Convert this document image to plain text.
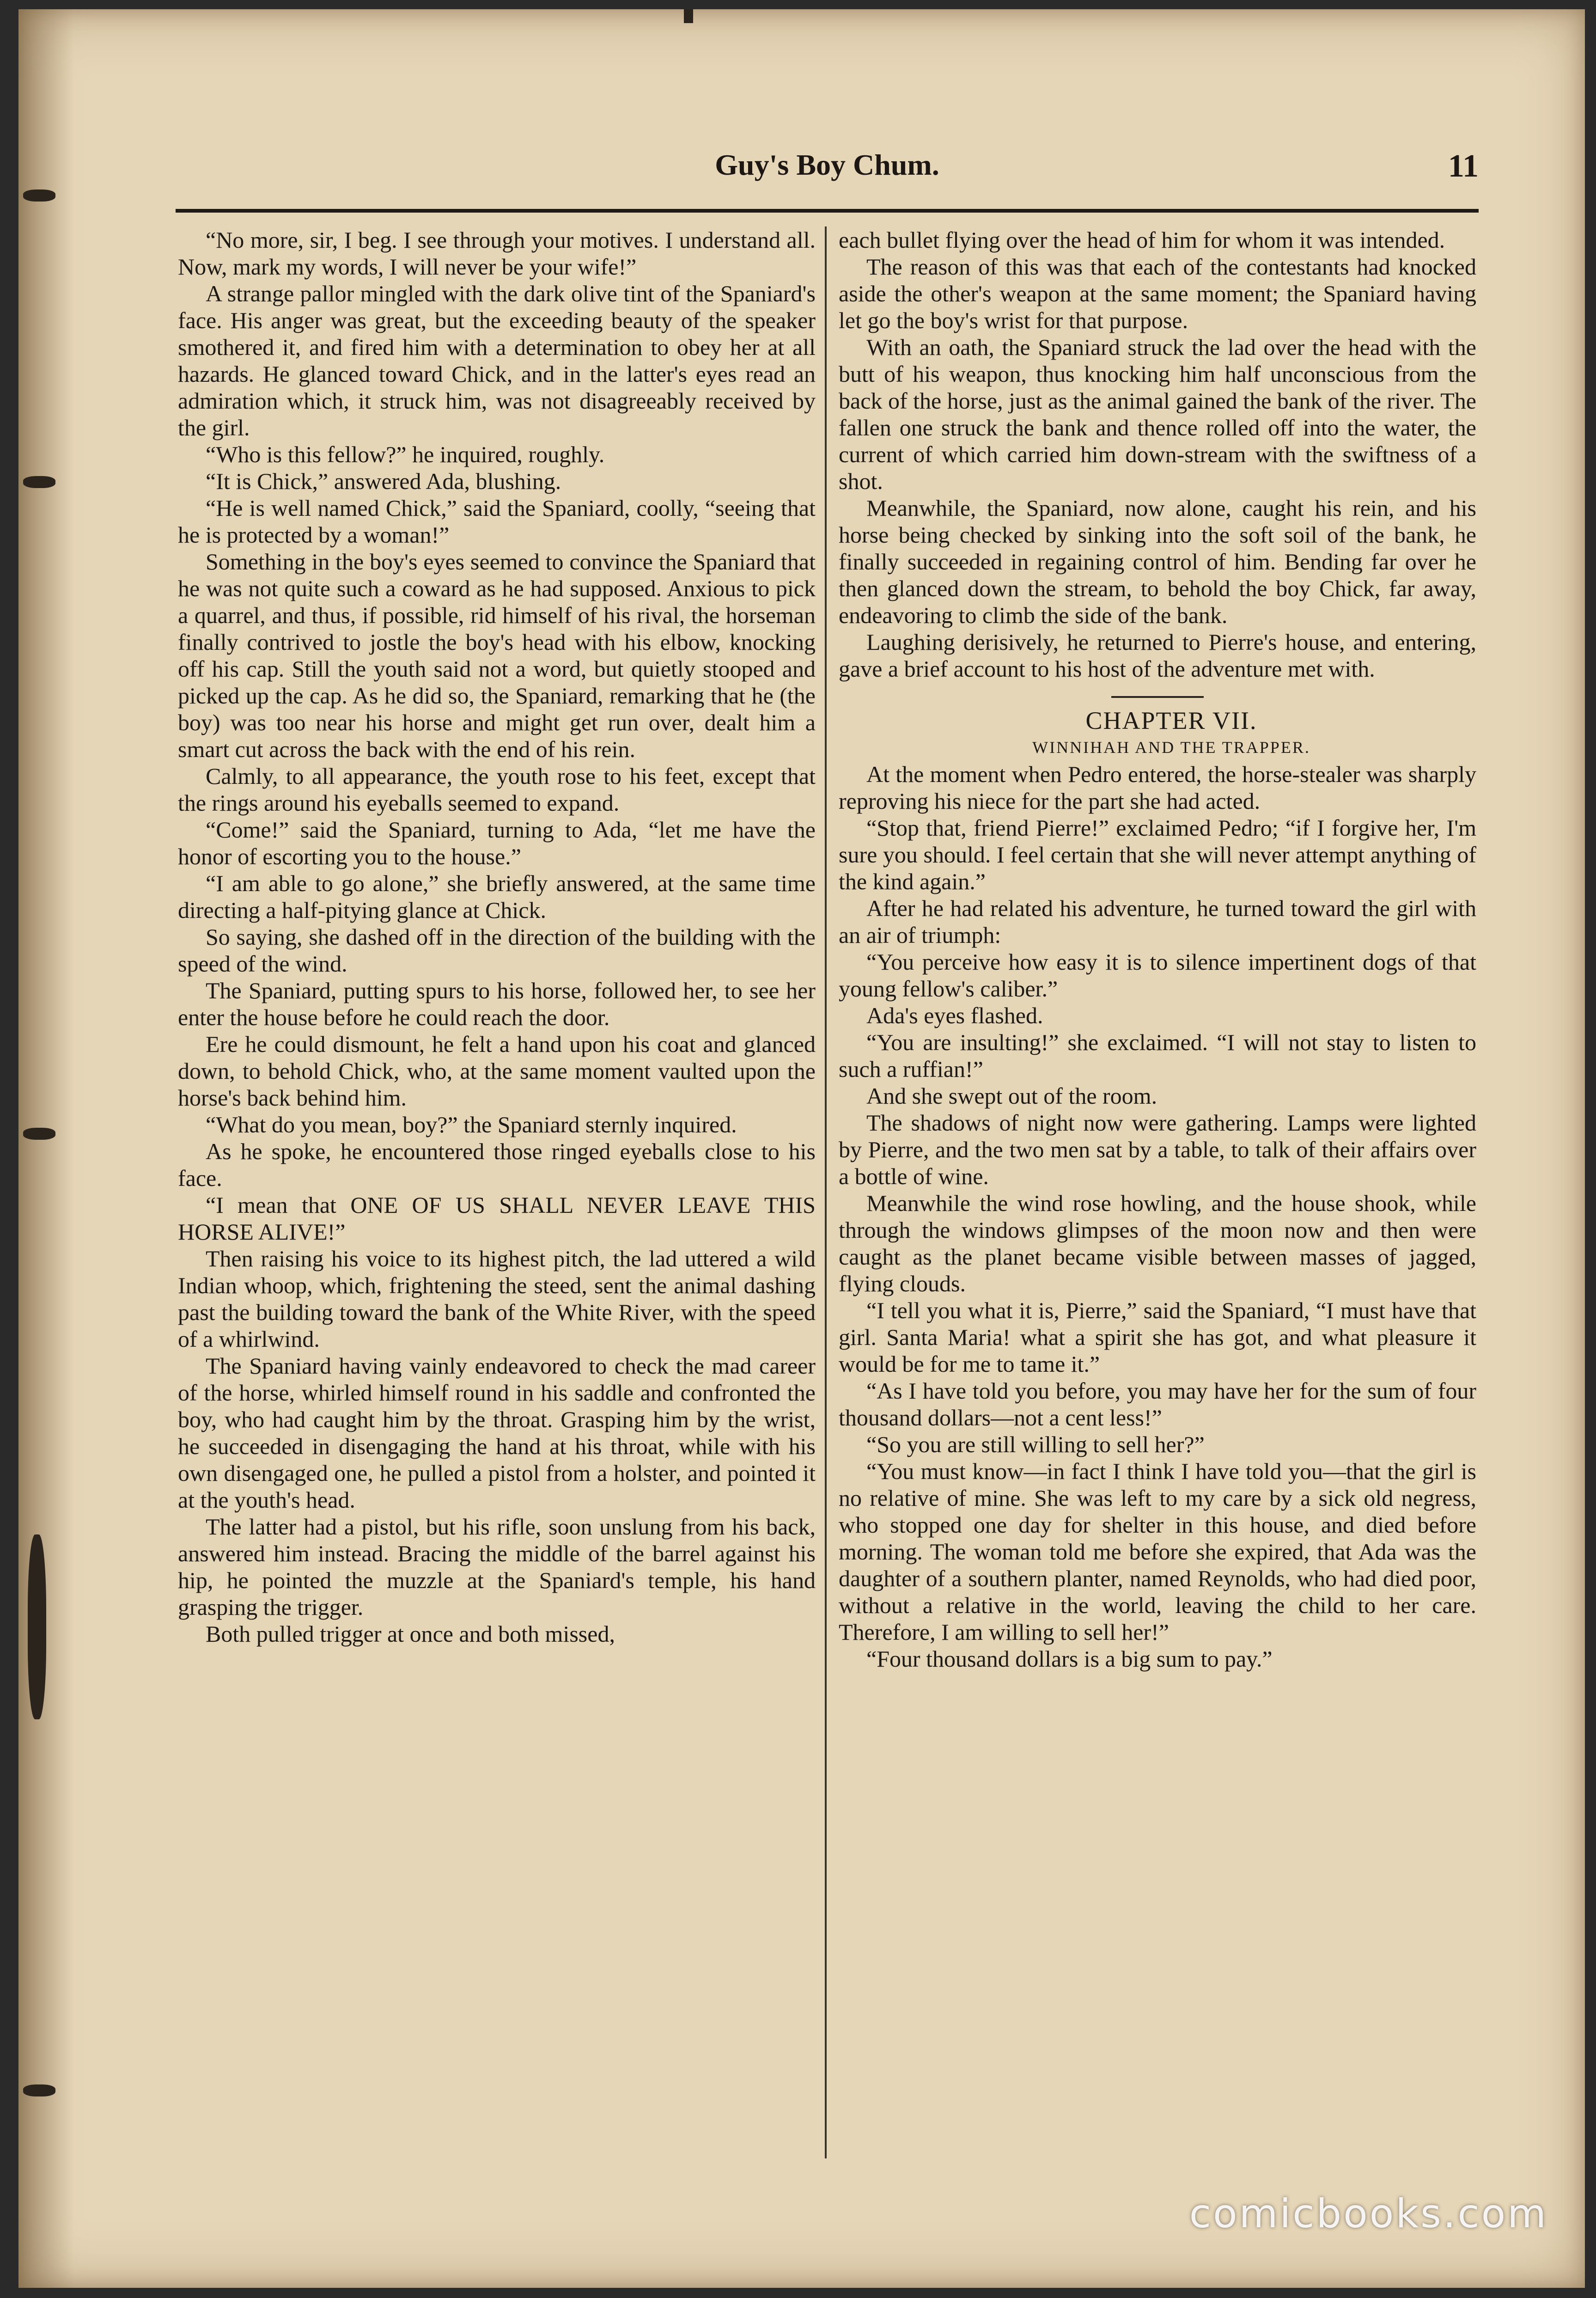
Guy's Boy Chum.	11

“No more, sir, I beg. I see through your motives. I understand all. Now, mark my words, I will never be your wife!”

A strange pallor mingled with the dark olive tint of the Spaniard's face. His anger was great, but the exceeding beauty of the speaker smothered it, and fired him with a determination to obey her at all hazards. He glanced toward Chick, and in the latter's eyes read an admiration which, it struck him, was not disagreeably received by the girl.

“Who is this fellow?” he inquired, roughly.

“It is Chick,” answered Ada, blushing.

“He is well named Chick,” said the Spaniard, coolly, “seeing that he is protected by a woman!”

Something in the boy's eyes seemed to convince the Spaniard that he was not quite such a coward as he had supposed. Anxious to pick a quarrel, and thus, if possible, rid himself of his rival, the horseman finally contrived to jostle the boy's head with his elbow, knocking off his cap. Still the youth said not a word, but quietly stooped and picked up the cap. As he did so, the Spaniard, remarking that he (the boy) was too near his horse and might get run over, dealt him a smart cut across the back with the end of his rein.

Calmly, to all appearance, the youth rose to his feet, except that the rings around his eyeballs seemed to expand.

“Come!” said the Spaniard, turning to Ada, “let me have the honor of escorting you to the house.”

“I am able to go alone,” she briefly answered, at the same time directing a half-pitying glance at Chick.

So saying, she dashed off in the direction of the building with the speed of the wind.

The Spaniard, putting spurs to his horse, followed her, to see her enter the house before he could reach the door.

Ere he could dismount, he felt a hand upon his coat and glanced down, to behold Chick, who, at the same moment vaulted upon the horse's back behind him.

“What do you mean, boy?” the Spaniard sternly inquired.

As he spoke, he encountered those ringed eyeballs close to his face.

“I mean that ONE OF US SHALL NEVER LEAVE THIS HORSE ALIVE!”

Then raising his voice to its highest pitch, the lad uttered a wild Indian whoop, which, frightening the steed, sent the animal dashing past the building toward the bank of the White River, with the speed of a whirlwind.

The Spaniard having vainly endeavored to check the mad career of the horse, whirled himself round in his saddle and confronted the boy, who had caught him by the throat. Grasping him by the wrist, he succeeded in disengaging the hand at his throat, while with his own disengaged one, he pulled a pistol from a holster, and pointed it at the youth's head.

The latter had a pistol, but his rifle, soon unslung from his back, answered him instead. Bracing the middle of the barrel against his hip, he pointed the muzzle at the Spaniard's temple, his hand grasping the trigger.

Both pulled trigger at once and both missed,

each bullet flying over the head of him for whom it was intended.

The reason of this was that each of the contestants had knocked aside the other's weapon at the same moment; the Spaniard having let go the boy's wrist for that purpose.

With an oath, the Spaniard struck the lad over the head with the butt of his weapon, thus knocking him half unconscious from the back of the horse, just as the animal gained the bank of the river. The fallen one struck the bank and thence rolled off into the water, the current of which carried him down-stream with the swiftness of a shot.

Meanwhile, the Spaniard, now alone, caught his rein, and his horse being checked by sinking into the soft soil of the bank, he finally succeeded in regaining control of him. Bending far over he then glanced down the stream, to behold the boy Chick, far away, endeavoring to climb the side of the bank.

Laughing derisively, he returned to Pierre's house, and entering, gave a brief account to his host of the adventure met with.

CHAPTER VII.

WINNIHAH AND THE TRAPPER.

At the moment when Pedro entered, the horse-stealer was sharply reproving his niece for the part she had acted.

“Stop that, friend Pierre!” exclaimed Pedro; “if I forgive her, I'm sure you should. I feel certain that she will never attempt anything of the kind again.”

After he had related his adventure, he turned toward the girl with an air of triumph:

“You perceive how easy it is to silence impertinent dogs of that young fellow's caliber.”

Ada's eyes flashed.

“You are insulting!” she exclaimed. “I will not stay to listen to such a ruffian!”

And she swept out of the room.

The shadows of night now were gathering. Lamps were lighted by Pierre, and the two men sat by a table, to talk of their affairs over a bottle of wine.

Meanwhile the wind rose howling, and the house shook, while through the windows glimpses of the moon now and then were caught as the planet became visible between masses of jagged, flying clouds.

“I tell you what it is, Pierre,” said the Spaniard, “I must have that girl. Santa Maria! what a spirit she has got, and what pleasure it would be for me to tame it.”

“As I have told you before, you may have her for the sum of four thousand dollars—not a cent less!”

“So you are still willing to sell her?”

“You must know—in fact I think I have told you—that the girl is no relative of mine. She was left to my care by a sick old negress, who stopped one day for shelter in this house, and died before morning. The woman told me before she expired, that Ada was the daughter of a southern planter, named Reynolds, who had died poor, without a relative in the world, leaving the child to her care. Therefore, I am willing to sell her!”

“Four thousand dollars is a big sum to pay.”

comicbooks.com
